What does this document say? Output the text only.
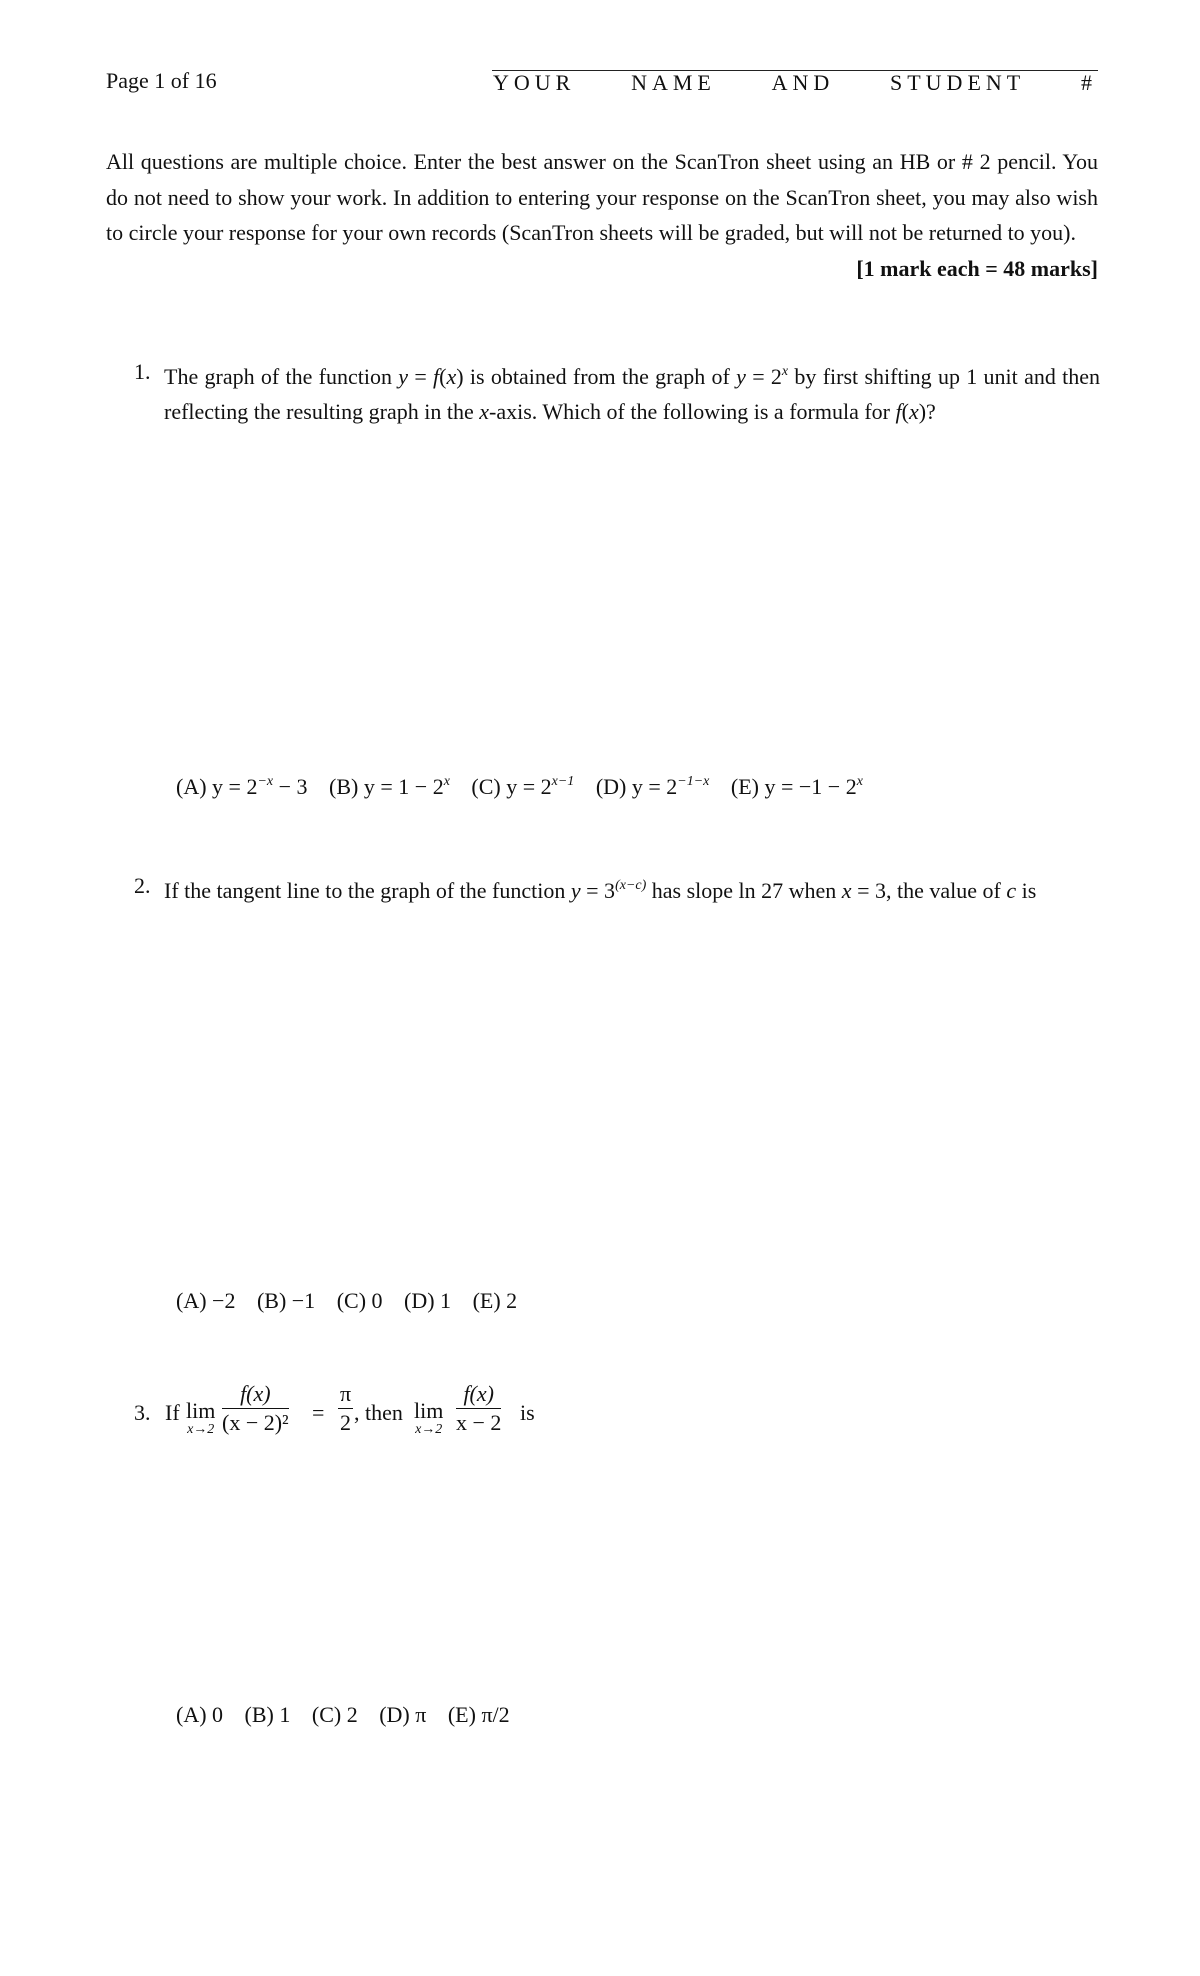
Page 1 of 16	YOUR	NAME	AND	STUDENT	#
All questions are multiple choice. Enter the best answer on the ScanTron sheet using an HB or # 2 pencil. You do not need to show your work. In addition to entering your response on the ScanTron sheet, you may also wish to circle your response for your own records (ScanTron sheets will be graded, but will not be returned to you).
[1 mark each = 48 marks]
1. The graph of the function y = f(x) is obtained from the graph of $y = 2^x$ by first shifting up 1 unit and then reflecting the resulting graph in the x-axis. Which of the following is a formula for f(x)?
(A) $y = 2^{-x} - 3$ (B) $y = 1 - 2^x$ (C) $y = 2^{x-1}$ (D) $y = 2^{-1-x}$ (E) $y = -1 - 2^x$
2. If the tangent line to the graph of the function $y = 3^{(x-c)}$ has slope ln 27 when x = 3, the value of c is
(A) −2 (B) −1 (C) 0 (D) 1 (E) 2
3. If lim
$x\to 2 \frac{f(x)}{\text{(x − 2)²}} = \frac{\pi}{2}$ , then lim
$x\to 2 \frac{f(x)}{x - 2}$ is
(A) 0 (B) 1 (C) 2 (D) π (E) π/2
